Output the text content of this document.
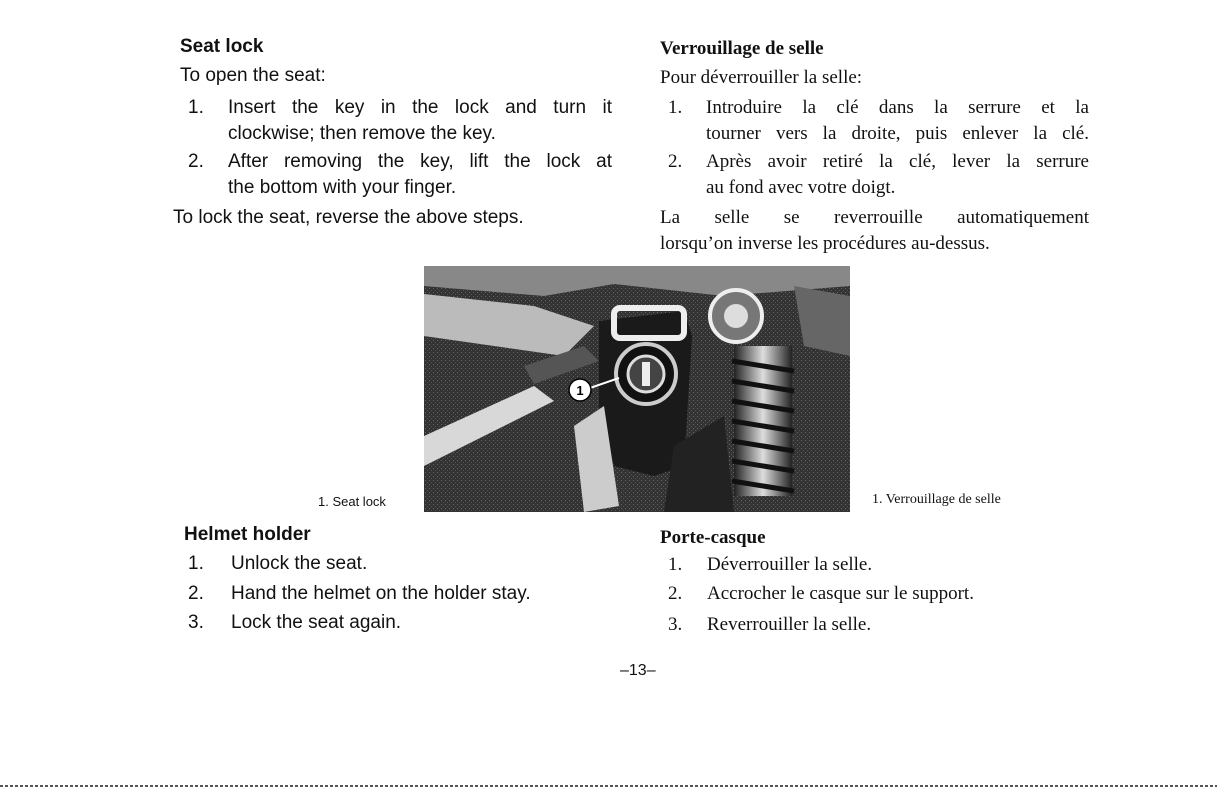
Seat lock
To open the seat:
1. Insert the key in the lock and turn it
clockwise; then remove the key.
2. After removing the key, lift the lock at
the bottom with your finger.
To lock the seat, reverse the above steps.
Verrouillage de selle
Pour déverrouiller la selle:
1. Introduire la clé dans la serrure et la
tourner vers la droite, puis enlever la clé.
2. Après avoir retiré la clé, lever la serrure
au fond avec votre doigt.
La selle se reverrouille automatiquement
lorsqu’on inverse les procédures au-dessus.
1
1. Seat lock	1. Verrouillage de selle
Helmet holder
1. Unlock the seat.
2. Hand the helmet on the holder stay.
3. Lock the seat again.
Porte-casque
1. Déverrouiller la selle.
2. Accrocher le casque sur le support.
3. Reverrouiller la selle.
–13–
